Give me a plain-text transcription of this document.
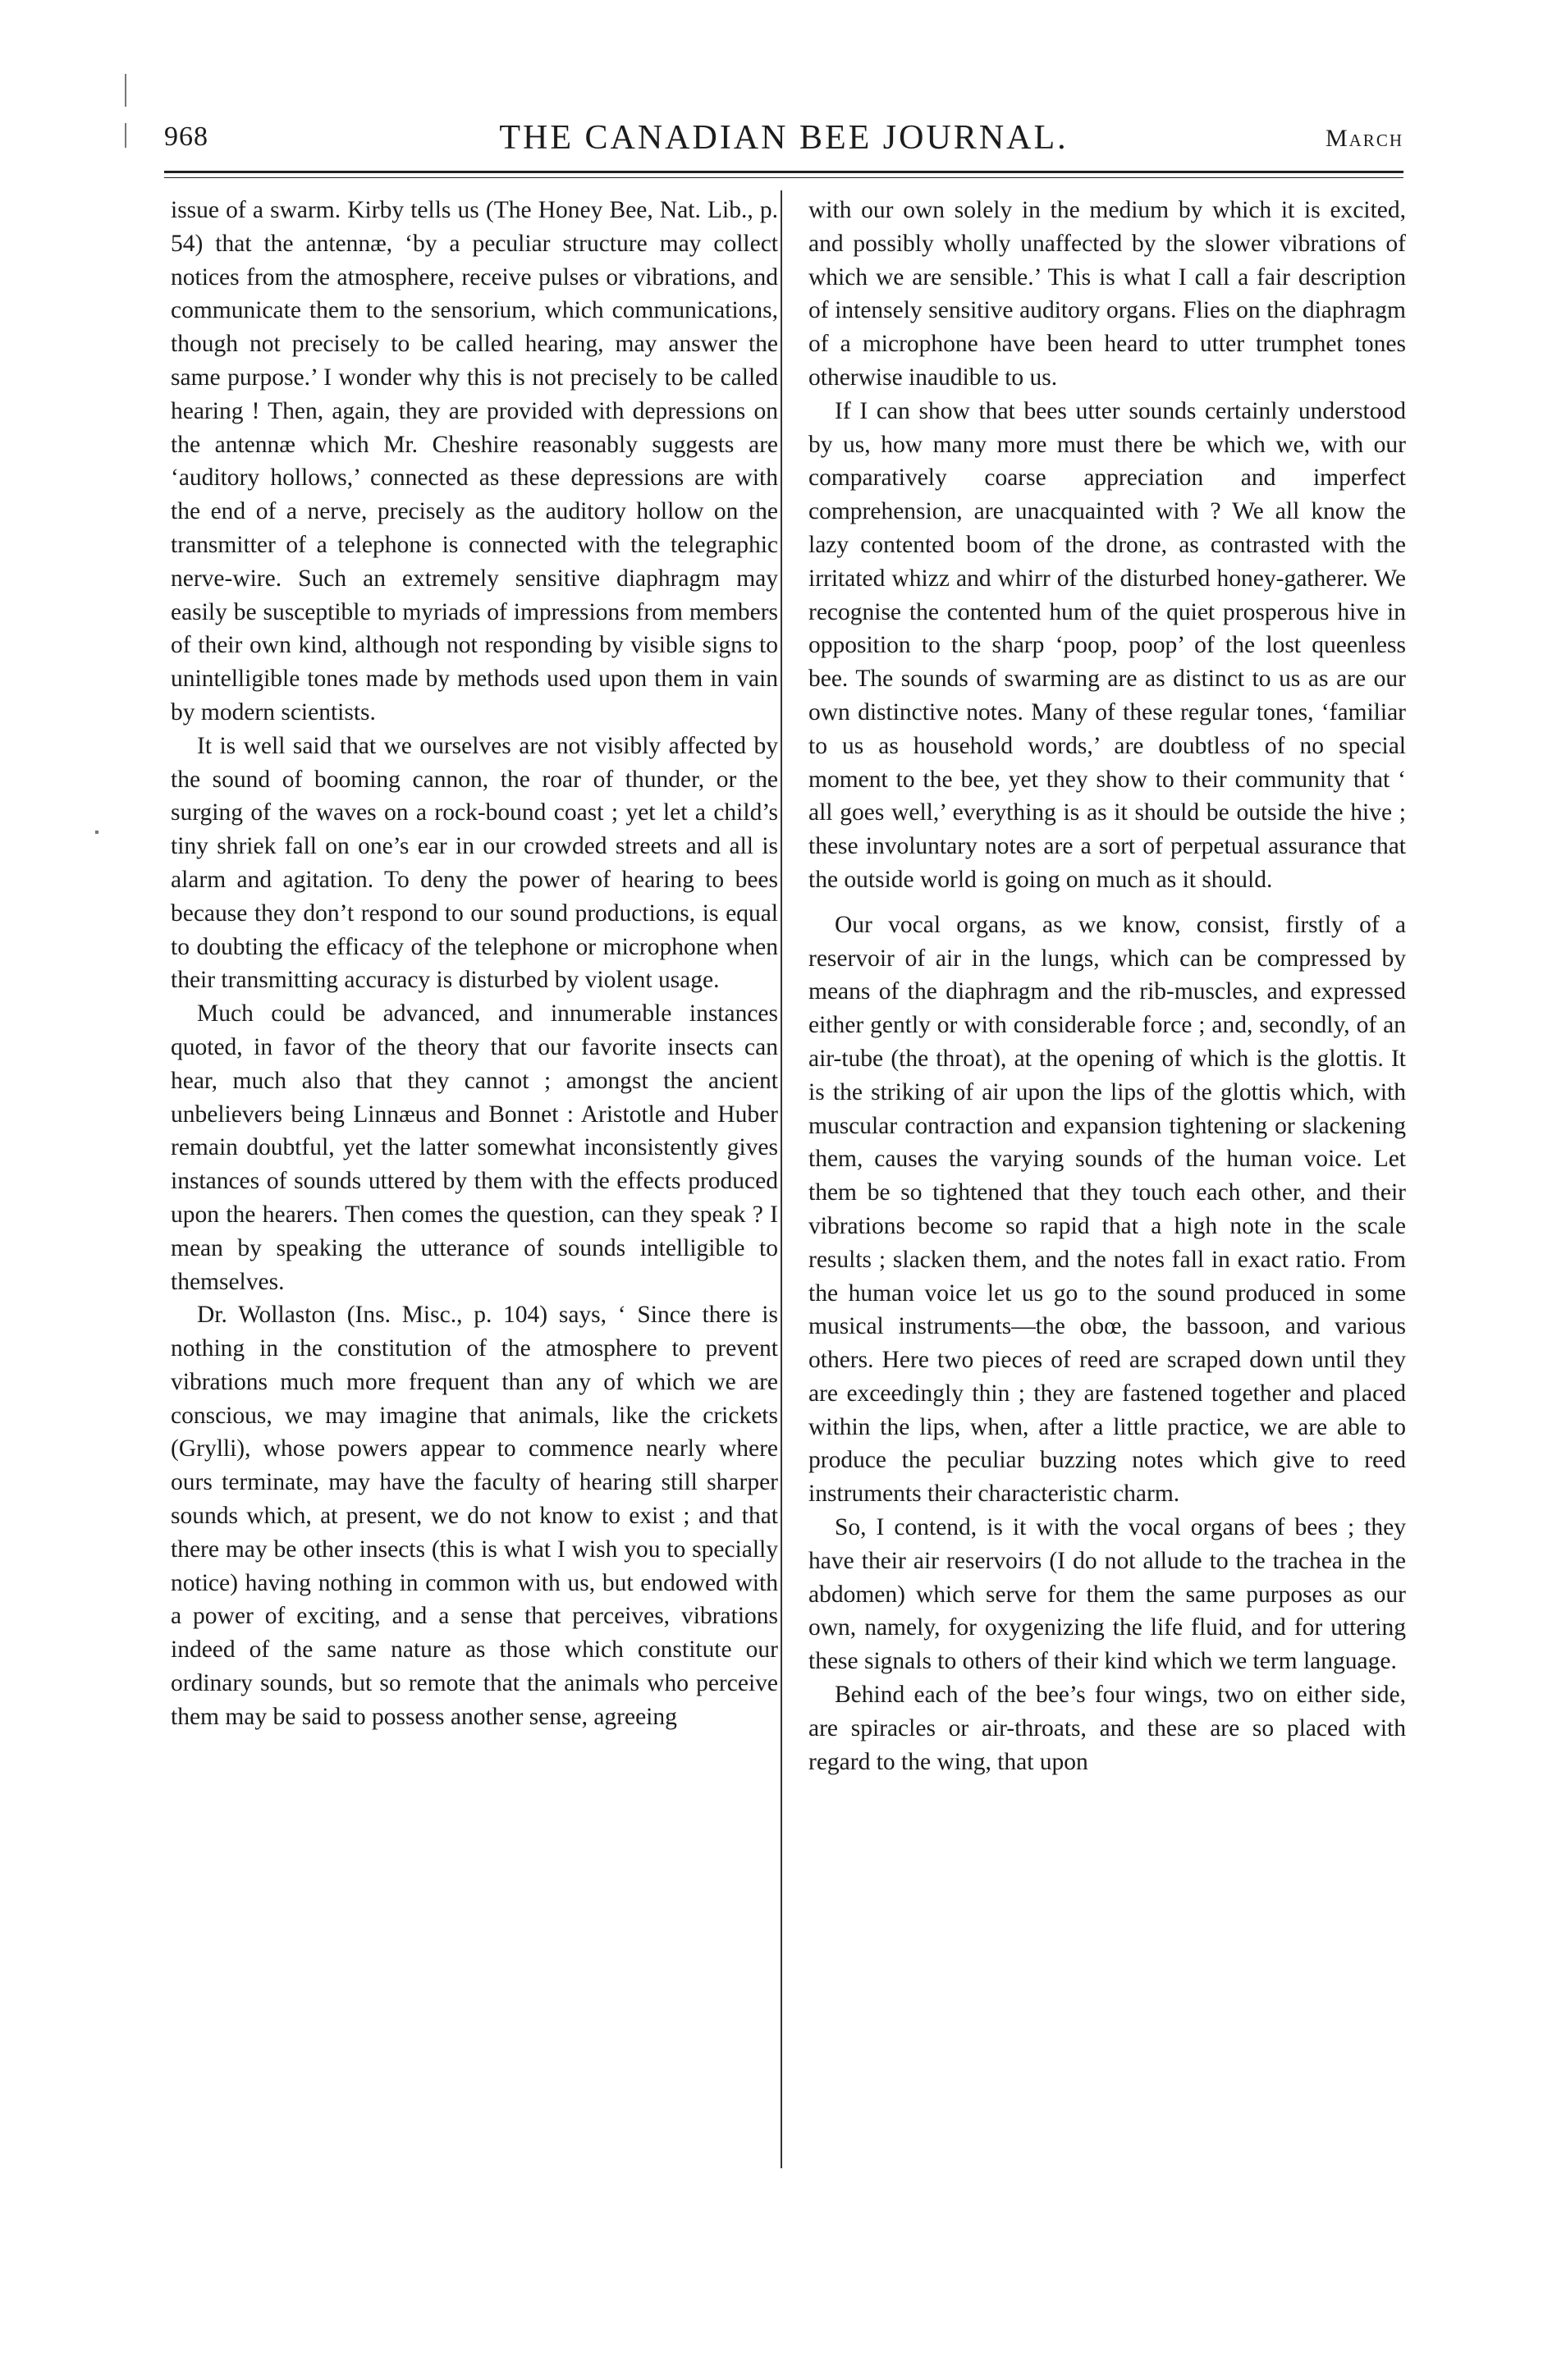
968	THE CANADIAN BEE JOURNAL.	March

issue of a swarm. Kirby tells us (The Honey Bee, Nat. Lib., p. 54) that the antennæ, ‘by a peculiar structure may collect notices from the atmosphere, receive pulses or vibrations, and communicate them to the sensorium, which communications, though not precisely to be called hearing, may answer the same purpose.’ I wonder why this is not precisely to be called hearing ! Then, again, they are provided with depressions on the antennæ which Mr. Cheshire reasonably suggests are ‘auditory hollows,’ connected as these depressions are with the end of a nerve, precisely as the auditory hollow on the transmitter of a telephone is connected with the telegraphic nerve-wire. Such an extremely sensitive diaphragm may easily be susceptible to myriads of impressions from members of their own kind, although not responding by visible signs to unintelligible tones made by methods used upon them in vain by modern scientists.

It is well said that we ourselves are not visibly affected by the sound of booming cannon, the roar of thunder, or the surging of the waves on a rock-bound coast ; yet let a child’s tiny shriek fall on one’s ear in our crowded streets and all is alarm and agitation. To deny the power of hearing to bees because they don’t respond to our sound productions, is equal to doubting the efficacy of the telephone or microphone when their transmitting accuracy is disturbed by violent usage.

Much could be advanced, and innumerable instances quoted, in favor of the theory that our favorite insects can hear, much also that they cannot ; amongst the ancient unbelievers being Linnæus and Bonnet : Aristotle and Huber remain doubtful, yet the latter somewhat inconsistently gives instances of sounds uttered by them with the effects produced upon the hearers. Then comes the question, can they speak ? I mean by speaking the utterance of sounds intelligible to themselves.

Dr. Wollaston (Ins. Misc., p. 104) says, ‘ Since there is nothing in the constitution of the atmosphere to prevent vibrations much more frequent than any of which we are conscious, we may imagine that animals, like the crickets (Grylli), whose powers appear to commence nearly where ours terminate, may have the faculty of hearing still sharper sounds which, at present, we do not know to exist ; and that there may be other insects (this is what I wish you to specially notice) having nothing in common with us, but endowed with a power of exciting, and a sense that perceives, vibrations indeed of the same nature as those which constitute our ordinary sounds, but so remote that the animals who perceive them may be said to possess another sense, agreeing

with our own solely in the medium by which it is excited, and possibly wholly unaffected by the slower vibrations of which we are sensible.’ This is what I call a fair description of intensely sensitive auditory organs. Flies on the diaphragm of a microphone have been heard to utter trumphet tones otherwise inaudible to us.

If I can show that bees utter sounds certainly understood by us, how many more must there be which we, with our comparatively coarse appreciation and imperfect comprehension, are unacquainted with ? We all know the lazy contented boom of the drone, as contrasted with the irritated whizz and whirr of the disturbed honey-gatherer. We recognise the contented hum of the quiet prosperous hive in opposition to the sharp ‘poop, poop’ of the lost queenless bee. The sounds of swarming are as distinct to us as are our own distinctive notes. Many of these regular tones, ‘familiar to us as household words,’ are doubtless of no special moment to the bee, yet they show to their community that ‘ all goes well,’ everything is as it should be outside the hive ; these involuntary notes are a sort of perpetual assurance that the outside world is going on much as it should.

Our vocal organs, as we know, consist, firstly of a reservoir of air in the lungs, which can be compressed by means of the diaphragm and the rib-muscles, and expressed either gently or with considerable force ; and, secondly, of an air-tube (the throat), at the opening of which is the glottis. It is the striking of air upon the lips of the glottis which, with muscular contraction and expansion tightening or slackening them, causes the varying sounds of the human voice. Let them be so tightened that they touch each other, and their vibrations become so rapid that a high note in the scale results ; slacken them, and the notes fall in exact ratio. From the human voice let us go to the sound produced in some musical instruments—the obœ, the bassoon, and various others. Here two pieces of reed are scraped down until they are exceedingly thin ; they are fastened together and placed within the lips, when, after a little practice, we are able to produce the peculiar buzzing notes which give to reed instruments their characteristic charm.

So, I contend, is it with the vocal organs of bees ; they have their air reservoirs (I do not allude to the trachea in the abdomen) which serve for them the same purposes as our own, namely, for oxygenizing the life fluid, and for uttering these signals to others of their kind which we term language.

Behind each of the bee’s four wings, two on either side, are spiracles or air-throats, and these are so placed with regard to the wing, that upon
